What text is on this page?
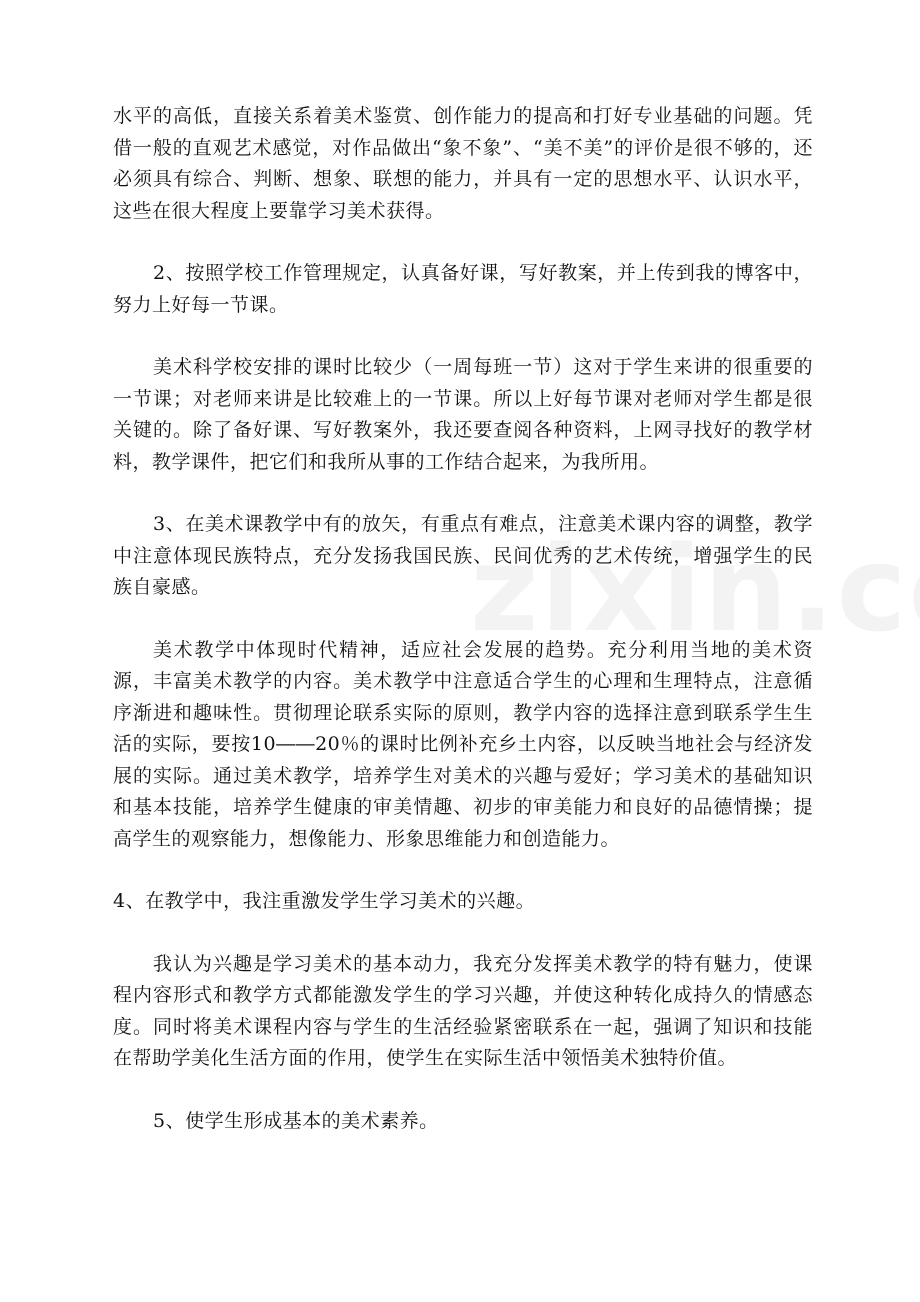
水平的高低，直接关系着美术鉴赏、创作能力的提高和打好专业基础的问题。凭借一般的直观艺术感觉，对作品做出“象不象”、“美不美”的评价是很不够的，还必须具有综合、判断、想象、联想的能力，并具有一定的思想水平、认识水平，这些在很大程度上要靠学习美术获得。

2、按照学校工作管理规定，认真备好课，写好教案，并上传到我的博客中，努力上好每一节课。

美术科学校安排的课时比较少（一周每班一节）这对于学生来讲的很重要的一节课；对老师来讲是比较难上的一节课。所以上好每节课对老师对学生都是很关键的。除了备好课、写好教案外，我还要查阅各种资料，上网寻找好的教学材料，教学课件，把它们和我所从事的工作结合起来，为我所用。

3、在美术课教学中有的放矢，有重点有难点，注意美术课内容的调整，教学中注意体现民族特点，充分发扬我国民族、民间优秀的艺术传统，增强学生的民族自豪感。

美术教学中体现时代精神，适应社会发展的趋势。充分利用当地的美术资源，丰富美术教学的内容。美术教学中注意适合学生的心理和生理特点，注意循序渐进和趣味性。贯彻理论联系实际的原则，教学内容的选择注意到联系学生生活的实际，要按10――20％的课时比例补充乡土内容，以反映当地社会与经济发展的实际。通过美术教学，培养学生对美术的兴趣与爱好；学习美术的基础知识和基本技能，培养学生健康的审美情趣、初步的审美能力和良好的品德情操；提高学生的观察能力，想像能力、形象思维能力和创造能力。

4、在教学中，我注重激发学生学习美术的兴趣。

我认为兴趣是学习美术的基本动力，我充分发挥美术教学的特有魅力，使课程内容形式和教学方式都能激发学生的学习兴趣，并使这种转化成持久的情感态度。同时将美术课程内容与学生的生活经验紧密联系在一起，强调了知识和技能在帮助学美化生活方面的作用，使学生在实际生活中领悟美术独特价值。

5、使学生形成基本的美术素养。
